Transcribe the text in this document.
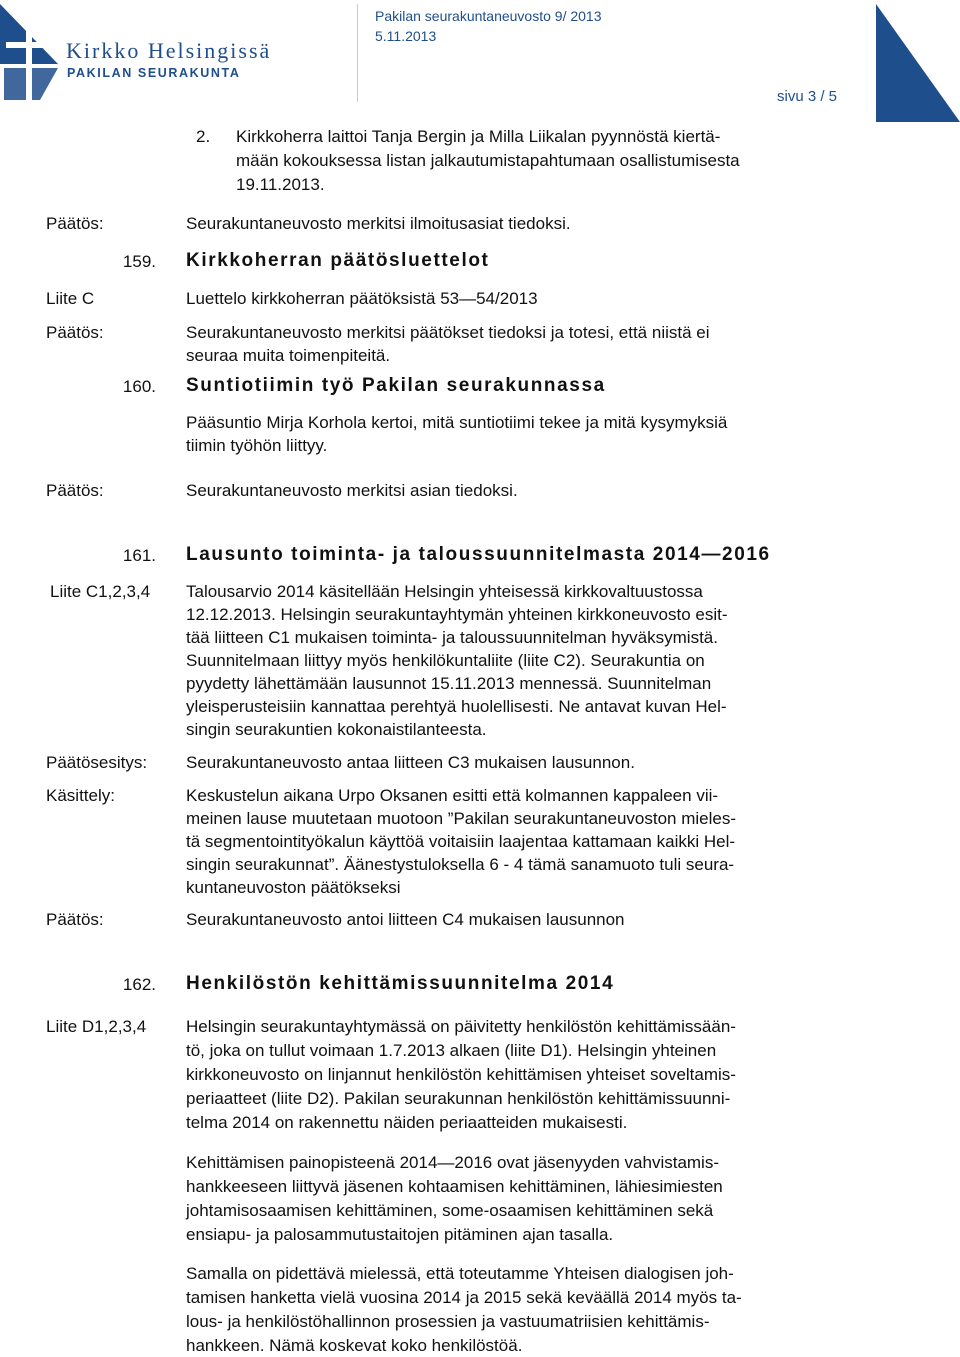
Kirkko Helsingissä
PAKILAN SEURAKUNTA
Pakilan seurakuntaneuvosto 9/ 2013
5.11.2013
sivu 3 / 5
2. Kirkkoherra laittoi Tanja Bergin ja Milla Liikalan pyynnöstä kiertä-
mään kokouksessa listan jalkautumistapahtumaan osallistumisesta
19.11.2013.
Päätös:	Seurakuntaneuvosto merkitsi ilmoitusasiat tiedoksi.
159. Kirkkoherran päätösluettelot
Liite C	Luettelo kirkkoherran päätöksistä 53—54/2013
Päätös:	Seurakuntaneuvosto merkitsi päätökset tiedoksi ja totesi, että niistä ei
seuraa muita toimenpiteitä.
160. Suntiotiimin työ Pakilan seurakunnassa
Pääsuntio Mirja Korhola kertoi, mitä suntiotiimi tekee ja mitä kysymyksiä
tiimin työhön liittyy.
Päätös:	Seurakuntaneuvosto merkitsi asian tiedoksi.
161. Lausunto toiminta- ja taloussuunnitelmasta 2014—2016
Liite C1,2,3,4 Talousarvio 2014 käsitellään Helsingin yhteisessä kirkkovaltuustossa
12.12.2013. Helsingin seurakuntayhtymän yhteinen kirkkoneuvosto esit-
tää liitteen C1 mukaisen toiminta- ja taloussuunnitelman hyväksymistä.
Suunnitelmaan liittyy myös henkilökuntaliite (liite C2). Seurakuntia on
pyydetty lähettämään lausunnot 15.11.2013 mennessä. Suunnitelman
yleisperusteisiin kannattaa perehtyä huolellisesti. Ne antavat kuvan Hel-
singin seurakuntien kokonaistilanteesta.
Päätösesitys: Seurakuntaneuvosto antaa liitteen C3 mukaisen lausunnon.
Käsittely:	Keskustelun aikana Urpo Oksanen esitti että kolmannen kappaleen vii-
meinen lause muutetaan muotoon ”Pakilan seurakuntaneuvoston mieles-
tä segmentointityökalun käyttöä voitaisiin laajentaa kattamaan kaikki Hel-
singin seurakunnat”. Äänestystuloksella 6 - 4 tämä sanamuoto tuli seura-
kuntaneuvoston päätökseksi
Päätös:	Seurakuntaneuvosto antoi liitteen C4 mukaisen lausunnon
162. Henkilöstön kehittämissuunnitelma 2014
Liite D1,2,3,4 Helsingin seurakuntayhtymässä on päivitetty henkilöstön kehittämissään-
tö, joka on tullut voimaan 1.7.2013 alkaen (liite D1). Helsingin yhteinen
kirkkoneuvosto on linjannut henkilöstön kehittämisen yhteiset soveltamis-
periaatteet (liite D2). Pakilan seurakunnan henkilöstön kehittämissuunni-
telma 2014 on rakennettu näiden periaatteiden mukaisesti.
Kehittämisen painopisteenä 2014—2016 ovat jäsenyyden vahvistamis-
hankkeeseen liittyvä jäsenen kohtaamisen kehittäminen, lähiesimiesten
johtamisosaamisen kehittäminen, some-osaamisen kehittäminen sekä
ensiapu- ja palosammutustaitojen pitäminen ajan tasalla.
Samalla on pidettävä mielessä, että toteutamme Yhteisen dialogisen joh-
tamisen hanketta vielä vuosina 2014 ja 2015 sekä keväällä 2014 myös ta-
lous- ja henkilöstöhallinnon prosessien ja vastuumatriisien kehittämis-
hankkeen. Nämä koskevat koko henkilöstöä.
